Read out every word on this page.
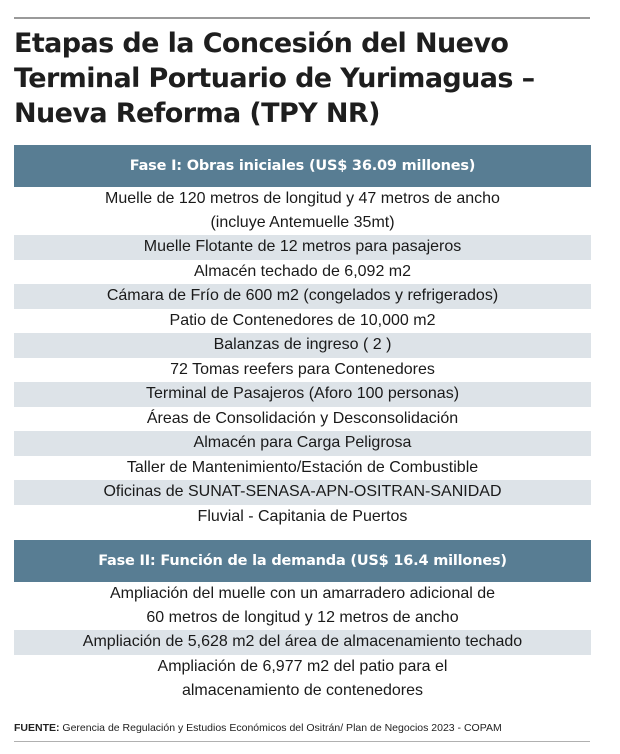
Etapas de la Concesión del Nuevo
Terminal Portuario de Yurimaguas –
Nueva Reforma (TPY NR)
Fase I: Obras iniciales (US$ 36.09 millones)
Muelle de 120 metros de longitud y 47 metros de ancho
(incluye Antemuelle 35mt)
Muelle Flotante de 12 metros para pasajeros
Almacén techado de 6,092 m2
Cámara de Frío de 600 m2 (congelados y refrigerados)
Patio de Contenedores de 10,000 m2
Balanzas de ingreso ( 2 )
72 Tomas reefers para Contenedores
Terminal de Pasajeros (Aforo 100 personas)
Áreas de Consolidación y Desconsolidación
Almacén para Carga Peligrosa
Taller de Mantenimiento/Estación de Combustible
Oficinas de SUNAT-SENASA-APN-OSITRAN-SANIDAD
Fluvial - Capitania de Puertos
Fase II: Función de la demanda (US$ 16.4 millones)
Ampliación del muelle con un amarradero adicional de
60 metros de longitud y 12 metros de ancho
Ampliación de 5,628 m2 del área de almacenamiento techado
Ampliación de 6,977 m2 del patio para el
almacenamiento de contenedores
FUENTE: Gerencia de Regulación y Estudios Económicos del Ositrán/ Plan de Negocios 2023 - COPAM
